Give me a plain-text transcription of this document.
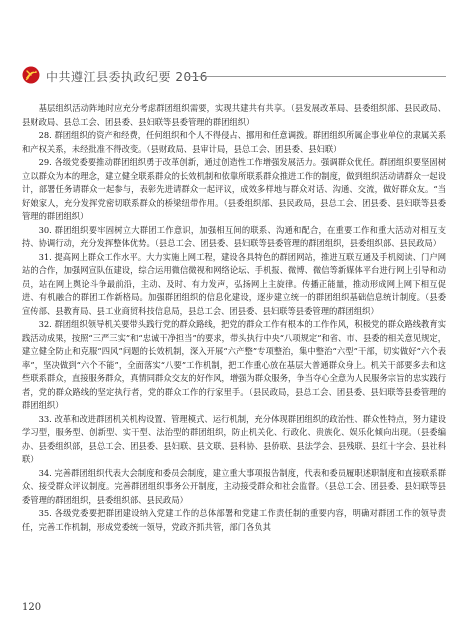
中共遵江县委执政纪要 2016

基层组织活动阵地时应充分考虑群团组织需要，实现共建共有共享。（县发展改革局、县委组织部、县民政局、县财政局、县总工会、团县委、县妇联等县委管理的群团组织）

28. 群团组织的资产和经费，任何组织和个人不得侵占、挪用和任意调拨。群团组织所属企事业单位的隶属关系和产权关系，未经批准不得改变。（县财政局、县审计局，县总工会、团县委、县妇联）

29. 各级党委要推动群团组织勇于改革创新，通过创造性工作增强发展活力。强调群众优任。群团组织要坚固树立以群众为本的理念，建立健全联系群众的长效机制和依靠所联系群众推进工作的制度，做到组织活动请群众一起设计，部署任务请群众一起参与，表彰先进请群众一起评议，成效多样地与群众对话、沟通、交流，做好群众友。“当好娘家人，充分发挥党密切联系群众的桥梁纽带作用。（县委组织部、县民政局，县总工会、团县委、县妇联等县委管理的群团组织）

30. 群团组织要牢固树立大群团工作意识，加强相互间的联系、沟通和配合，在重要工作和重大活动对相互支持、协调行动，充分发挥整体优势。（县总工会、团县委、县妇联等县委管理的群团组织，县委组织部、县民政局）

31. 提高网上群众工作水平。大力实施上网工程，建设各具特色的群团网站，推进互联互通及手机阅读、门户网站的合作，加强网宣队伍建设，综合运用微信微视和网络论坛、手机报、微博、微信等新媒体平台进行网上引导和动员，站在网上舆论斗争最前沿，主动、及时、有力发声，弘扬网上主旋律。传播正能量，推动形成网上网下相互促进、有机融合的群团工作新格局。加强群团组织的信息化建设，逐步建立统一的群团组织基础信息统计制度。（县委宣传部、县教育局、县工业商贸科技信息局，县总工会、团县委、县妇联等县委管理的群团组织）

32. 群团组织领导机关要带头践行党的群众路线，把党的群众工作有根本的工作作风，积极党的群众路线教育实践活动成果，按照“三严三实”和“忠诚干净担当”的要求，带头执行中央“八项规定”和省、市、县委的相关意见规定，建立健全防止和克服“四风”问题的长效机制，深入开展“六产整”专项整治，集中整治“六型”干部，切实做好“六个表率”，坚决做到“六个不能”，全面落实“八要”工作机制，把工作重心放在基层大普通群众身上。机关干部要多去和这些联系群众，直接服务群众，真情同群众交友的好作风，增强为群众服务，争当夺心全意为人民服务宗旨的忠实践行者，党的群众路线的坚定执行者，党的群众工作的行家里手。（县民政局，县总工会、团县委、县妇联等县委管理的群团组织）

33. 改革和改进群团机关机构设置、管理模式、运行机制，充分体现群团组织的政治性、群众性特点，努力建设学习型，服务型、创新型、实干型、法治型的群团组织，防止机关化、行政化、贵族化、娱乐化倾向出现。（县委编办、县委组织部，县总工会、团县委、县妇联、县文联、县科协、县侨联、县法学会、县残联、县红十字会、县社科联）

34. 完善群团组织代表大会制度和委员会制度，建立重大事项报告制度，代表和委员履职述职制度和直接联系群众、接受群众评议制度。完善群团组织事务公开制度，主动接受群众和社会监督。（县总工会、团县委、县妇联等县委管理的群团组织，县委组织部、县民政局）

35. 各级党委要把群团建设纳入党建工作的总体部署和党建工作责任制的重要内容，明确对群团工作的领导责任，完善工作机制，形成党委统一领导，党政齐抓共管，部门各负其

120
